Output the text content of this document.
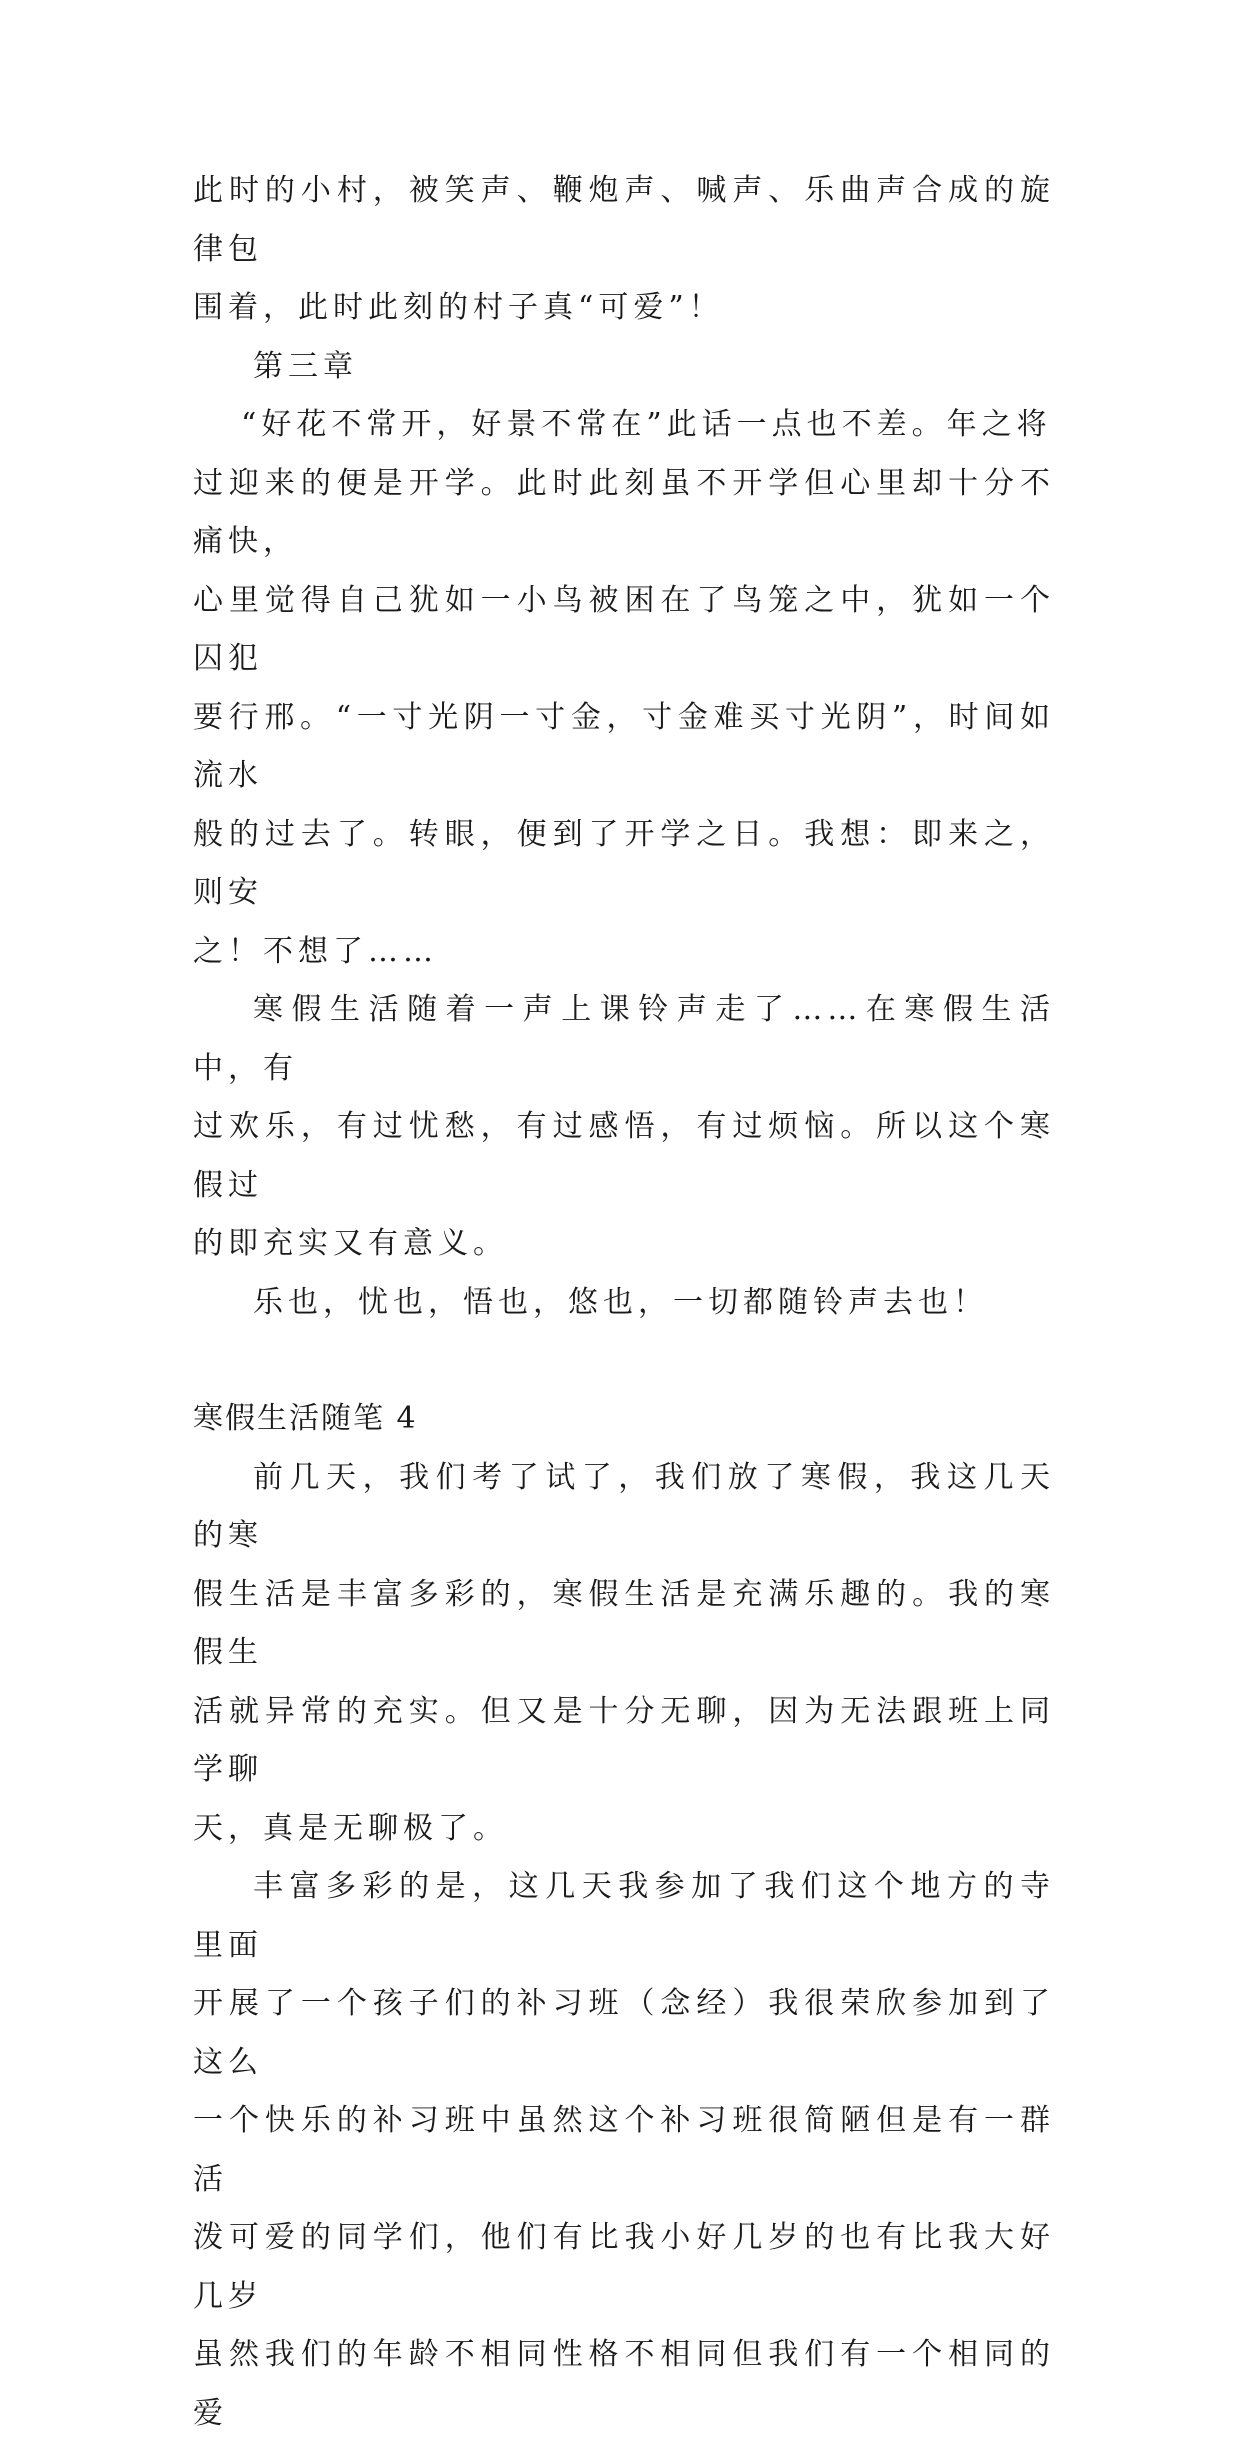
此时的小村，被笑声、鞭炮声、喊声、乐曲声合成的旋律包
围着，此时此刻的村子真“可爱”！

第三章

“好花不常开，好景不常在”此话一点也不差。年之将
过迎来的便是开学。此时此刻虽不开学但心里却十分不痛快，
心里觉得自己犹如一小鸟被困在了鸟笼之中，犹如一个囚犯
要行邢。“一寸光阴一寸金，寸金难买寸光阴”，时间如流水
般的过去了。转眼，便到了开学之日。我想：即来之，则安
之！不想了……

寒假生活随着一声上课铃声走了……在寒假生活中，有
过欢乐，有过忧愁，有过感悟，有过烦恼。所以这个寒假过
的即充实又有意义。

乐也，忧也，悟也，悠也，一切都随铃声去也！

寒假生活随笔 4

前几天，我们考了试了，我们放了寒假，我这几天的寒
假生活是丰富多彩的，寒假生活是充满乐趣的。我的寒假生
活就异常的充实。但又是十分无聊，因为无法跟班上同学聊
天，真是无聊极了。

丰富多彩的是，这几天我参加了我们这个地方的寺里面
开展了一个孩子们的补习班（念经）我很荣欣参加到了这么
一个快乐的补习班中虽然这个补习班很简陋但是有一群活
泼可爱的同学们，他们有比我小好几岁的也有比我大好几岁
虽然我们的年龄不相同性格不相同但我们有一个相同的爱
